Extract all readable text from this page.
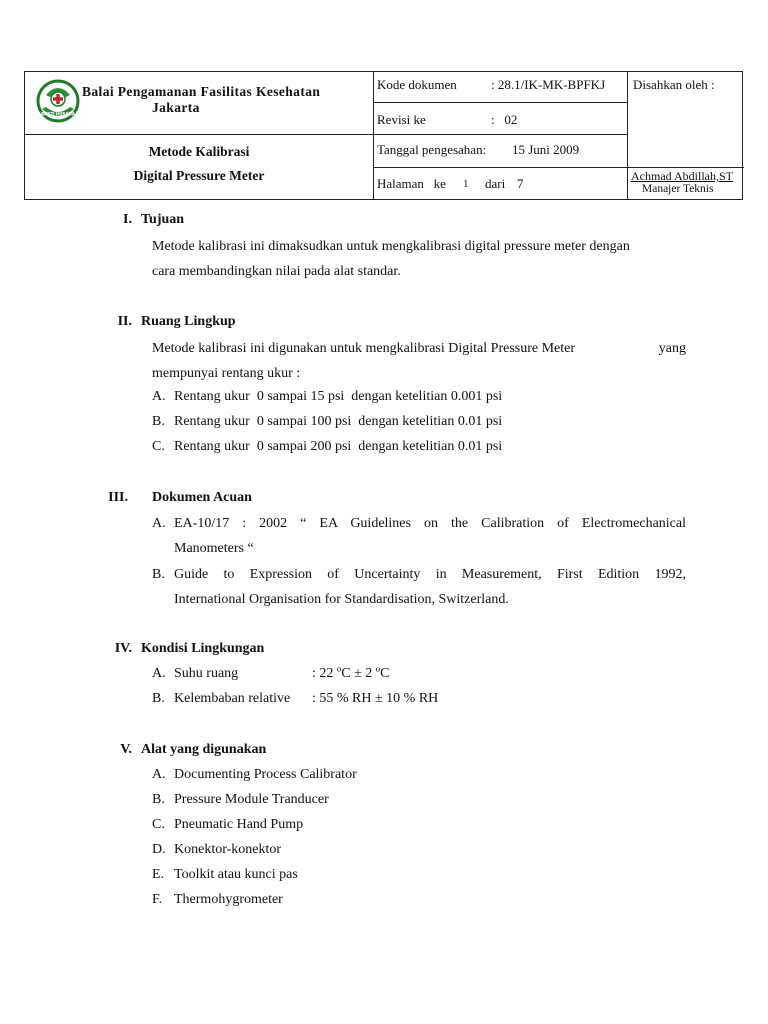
BAKTI HUSADA
Balai Pengamanan Fasilitas Kesehatan
Jakarta
Metode Kalibrasi
Digital Pressure Meter
Kode dokumen	: 28.1/IK-MK-BPFKJ
Revisi ke	:   02
Tanggal pengesahan: 15 Juni 2009
Halaman   ke 1 dari 7
Disahkan oleh :
Achmad Abdillah,ST
Manajer Teknis
I. Tujuan
Metode kalibrasi ini dimaksudkan untuk mengkalibrasi digital pressure meter dengan
cara membandingkan nilai pada alat standar.
II. Ruang Lingkup
Metode kalibrasi ini digunakan untuk mengkalibrasi Digital Pressure Meter	yang
mempunyai rentang ukur :
A. Rentang ukur  0 sampai 15 psi  dengan ketelitian 0.001 psi
B. Rentang ukur  0 sampai 100 psi  dengan ketelitian 0.01 psi
C. Rentang ukur  0 sampai 200 psi  dengan ketelitian 0.01 psi
III. Dokumen Acuan
A. EA-10/17 : 2002 “ EA Guidelines on the Calibration of Electromechanical
Manometers “
B. Guide to Expression of Uncertainty in Measurement, First Edition 1992,
International Organisation for Standardisation, Switzerland.
IV. Kondisi Lingkungan
A. Suhu ruang	: 22 ºC ± 2 ºC
B. Kelembaban relative : 55 % RH ± 10 % RH
V. Alat yang digunakan
A. Documenting Process Calibrator
B. Pressure Module Tranducer
C. Pneumatic Hand Pump
D. Konektor-konektor
E. Toolkit atau kunci pas
F. Thermohygrometer
